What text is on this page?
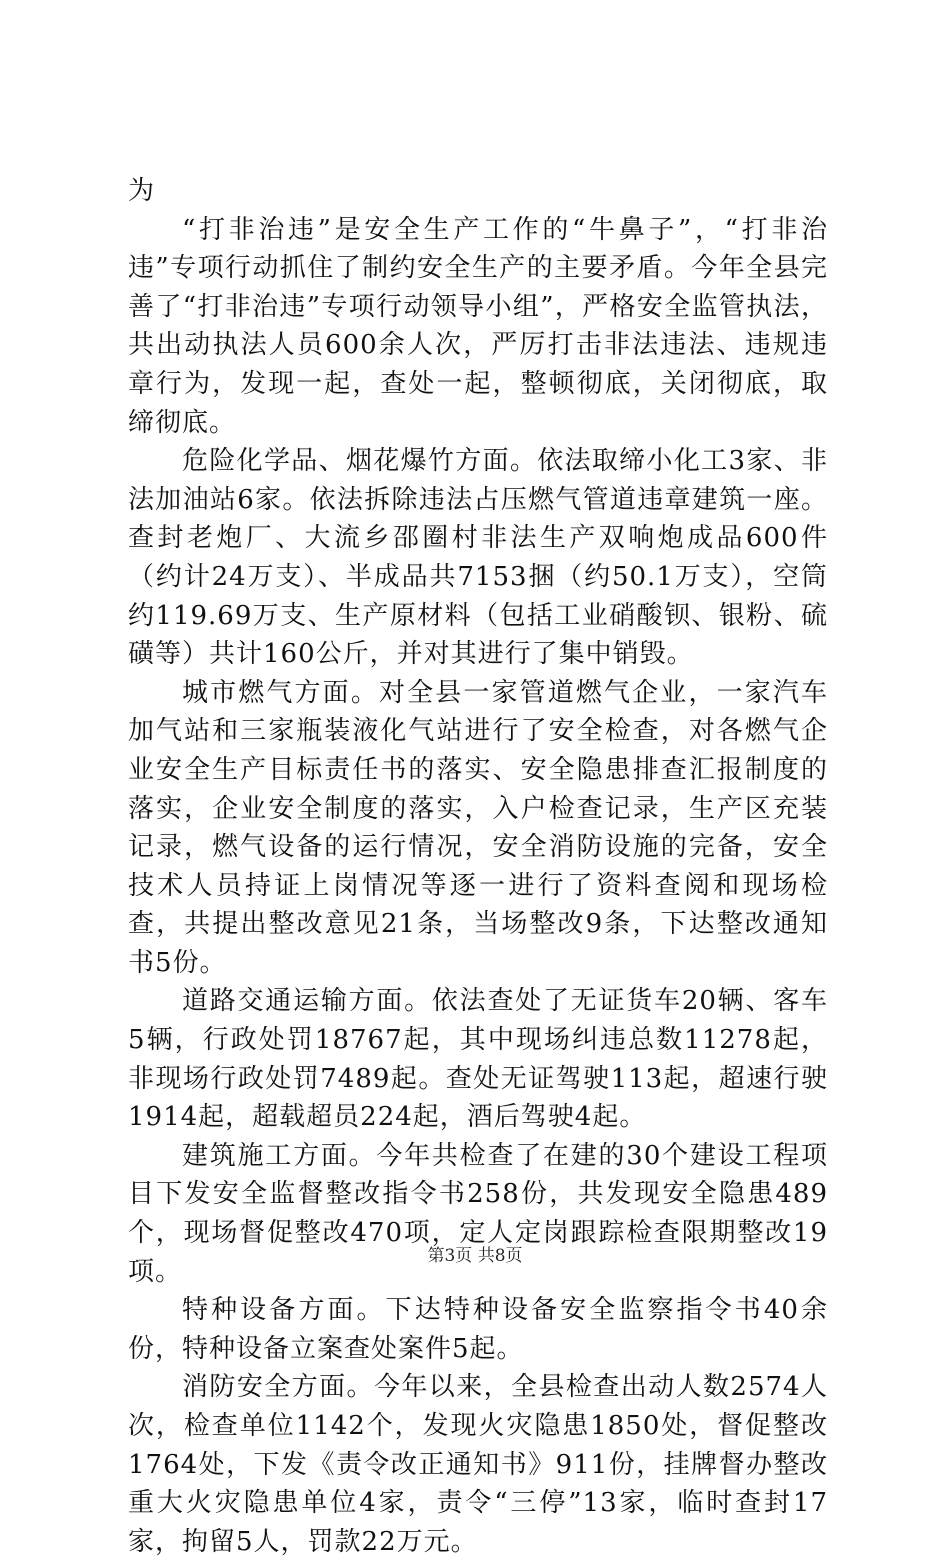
为

“打非治违”是安全生产工作的“牛鼻子”，“打非治违”专项行动抓住了制约安全生产的主要矛盾。今年全县完善了“打非治违”专项行动领导小组”，严格安全监管执法，共出动执法人员600余人次，严厉打击非法违法、违规违章行为，发现一起，查处一起，整顿彻底，关闭彻底，取缔彻底。

危险化学品、烟花爆竹方面。依法取缔小化工3家、非法加油站6家。依法拆除违法占压燃气管道违章建筑一座。查封老炮厂、大流乡邵圈村非法生产双响炮成品600件（约计24万支）、半成品共7153捆（约50.1万支），空筒约119.69万支、生产原材料（包括工业硝酸钡、银粉、硫磺等）共计160公斤，并对其进行了集中销毁。

城市燃气方面。对全县一家管道燃气企业，一家汽车加气站和三家瓶装液化气站进行了安全检查，对各燃气企业安全生产目标责任书的落实、安全隐患排查汇报制度的落实，企业安全制度的落实，入户检查记录，生产区充装记录，燃气设备的运行情况，安全消防设施的完备，安全技术人员持证上岗情况等逐一进行了资料查阅和现场检查，共提出整改意见21条，当场整改9条，下达整改通知书5份。

道路交通运输方面。依法查处了无证货车20辆、客车5辆，行政处罚18767起，其中现场纠违总数11278起，非现场行政处罚7489起。查处无证驾驶113起，超速行驶1914起，超载超员224起，酒后驾驶4起。

建筑施工方面。今年共检查了在建的30个建设工程项目下发安全监督整改指令书258份，共发现安全隐患489个，现场督促整改470项，定人定岗跟踪检查限期整改19项。

特种设备方面。下达特种设备安全监察指令书40余份，特种设备立案查处案件5起。

消防安全方面。今年以来，全县检查出动人数2574人次，检查单位1142个，发现火灾隐患1850处，督促整改1764处，下发《责令改正通知书》911份，挂牌督办整改重大火灾隐患单位4家，责令“三停”13家，临时查封17家，拘留5人，罚款22万元。

第3页 共8页
